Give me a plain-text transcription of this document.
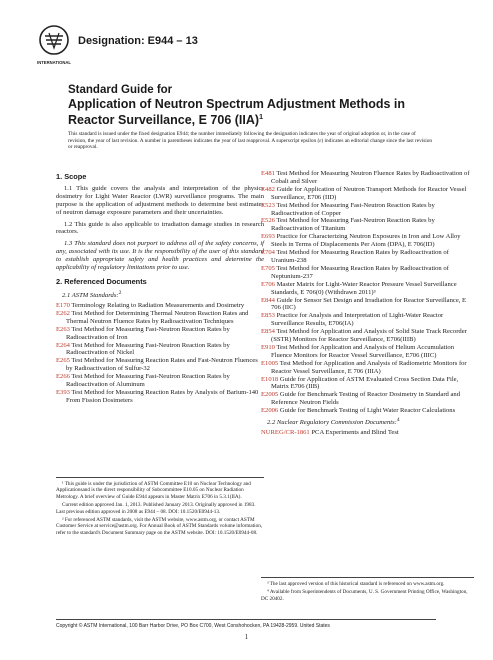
INTERNATIONAL
Designation: E944 – 13
Standard Guide for
Application of Neutron Spectrum Adjustment Methods in Reactor Surveillance, E 706 (IIA)$^1$
This standard is issued under the fixed designation E944; the number immediately following the designation indicates the year of original adoption or, in the case of revision, the year of last revision. A number in parentheses indicates the year of last reapproval. A superscript epsilon (ε) indicates an editorial change since the last revision or reapproval.
1. Scope

1.1 This guide covers the analysis and interpretation of the physics dosimetry for Light Water Reactor (LWR) surveillance programs. The main purpose is the application of adjustment methods to determine best estimates of neutron damage exposure parameters and their uncertainties.

1.2 This guide is also applicable to irradiation damage studies in research reactors.

1.3 This standard does not purport to address all of the safety concerns, if any, associated with its use. It is the responsibility of the user of this standard to establish appropriate safety and health practices and determine the applicability of regulatory limitations prior to use.

2. Referenced Documents
2.1 ASTM Standards:$^2$
E170 Terminology Relating to Radiation Measurements and Dosimetry
E262 Test Method for Determining Thermal Neutron Reaction Rates and Thermal Neutron Fluence Rates by Radioactivation Techniques
E263 Test Method for Measuring Fast-Neutron Reaction Rates by Radioactivation of Iron
E264 Test Method for Measuring Fast-Neutron Reaction Rates by Radioactivation of Nickel
E265 Test Method for Measuring Reaction Rates and Fast-Neutron Fluences by Radioactivation of Sulfur-32
E266 Test Method for Measuring Fast-Neutron Reaction Rates by Radioactivation of Aluminum
E393 Test Method for Measuring Reaction Rates by Analysis of Barium-140 From Fission Dosimeters
E481 Test Method for Measuring Neutron Fluence Rates by Radioactivation of Cobalt and Silver
E482 Guide for Application of Neutron Transport Methods for Reactor Vessel Surveillance, E706 (IID)
E523 Test Method for Measuring Fast-Neutron Reaction Rates by Radioactivation of Copper
E526 Test Method for Measuring Fast-Neutron Reaction Rates by Radioactivation of Titanium
E693 Practice for Characterizing Neutron Exposures in Iron and Low Alloy Steels in Terms of Displacements Per Atom (DPA), E 706(ID)
E704 Test Method for Measuring Reaction Rates by Radioactivation of Uranium-238
E705 Test Method for Measuring Reaction Rates by Radioactivation of Neptunium-237
E706 Master Matrix for Light-Water Reactor Pressure Vessel Surveillance Standards, E 706(0) (Withdrawn 2011)³
E844 Guide for Sensor Set Design and Irradiation for Reactor Surveillance, E 706 (IIC)
E853 Practice for Analysis and Interpretation of Light-Water Reactor Surveillance Results, E706(IA)
E854 Test Method for Application and Analysis of Solid State Track Recorder (SSTR) Monitors for Reactor Surveillance, E706(IIIB)
E910 Test Method for Application and Analysis of Helium Accumulation Fluence Monitors for Reactor Vessel Surveillance, E706 (IIIC)
E1005 Test Method for Application and Analysis of Radiometric Monitors for Reactor Vessel Surveillance, E 706 (IIIA)
E1018 Guide for Application of ASTM Evaluated Cross Section Data File, Matrix E706 (IIB)
E2005 Guide for Benchmark Testing of Reactor Dosimetry in Standard and Reference Neutron Fields
E2006 Guide for Benchmark Testing of Light Water Reactor Calculations
2.2 Nuclear Regulatory Commission Documents:$^4$
NUREG/CR-1861 PCA Experiments and Blind Test

¹ This guide is under the jurisdiction of ASTM Committee E10 on Nuclear Technology and Applicationsand is the direct responsibility of Subcommittee E10.05 on Nuclear Radiation Metrology. A brief overview of Guide E944 appears in Master Matrix E706 in 5.3.1(IIA).

Current edition approved Jan. 1, 2013. Published January 2013. Originally approved in 1983. Last previous edition approved in 2008 as E944 – 08. DOI: 10.1520/E0944-13.

² For referenced ASTM standards, visit the ASTM website, www.astm.org, or contact ASTM Customer Service at service@astm.org. For Annual Book of ASTM Standards volume information, refer to the standard's Document Summary page on the ASTM website. DOI: 10.1520/E0944-08.

³ The last approved version of this historical standard is referenced on www.astm.org.

⁴ Available from Superintendents of Documents, U. S. Government Printing Office, Washington, DC 20402.

Copyright © ASTM International, 100 Barr Harbor Drive, PO Box C700, West Conshohocken, PA 19428-2959. United States
1
